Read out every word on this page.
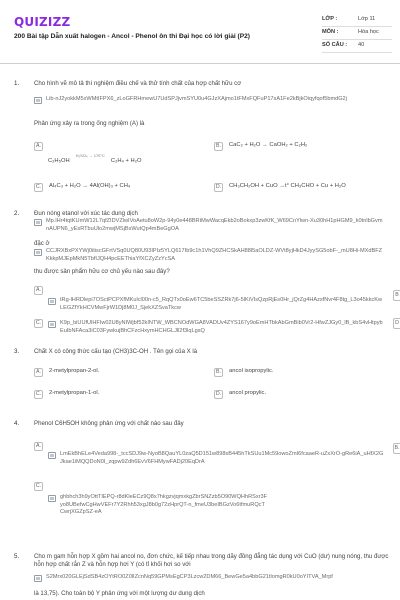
QUIZIZZ
200 Bài tập Dẫn xuất halogen - Ancol - Phenol ôn thi Đại học có lời giải (P2)
LỚP :	Lớp 11
MÔN :	Hóa học
SỐ CÂU :	40
1. Cho hình vẽ mô tả thí nghiệm điều chế và thử tính chất của hợp chất hữu cơ
Lib-nJ2yokkM5xWMtIFPX6_zLoGFRHmewU7UdSPJjvmSYU0u4GJzXAjmo1tFMxFQFuP17sA1Fe2kBjkOiqyfqof5bmdG2j
Phản ứng xảy ra trong ống nghiệm (A) là
A.
C₂H₅OH
H₂SO₄ → 170°C
C₂H₄ + H₂O
B.	CaC₂ + H₂O → CaOH₂ + C₂H₂
C.	Al₄C₃ + H₂O → 4Al(OH)₃ + CH₄	D.	CH₃CH₂OH + CuO →t° CH₃CHO + Cu + H₂O
2. Đun nóng etanol với xúc tác dung dịch
Mp.lHr4tqtKUmW12L7qfZIDVZlwIVoAetu8oW2p-94y0e448BRtMwWacqEkb2oBokxp3zwKfK_W69CnYlwn-Xu30hH1pHGM9_k0tnlbGvmnAUPN6_yEsRTbuUlo2mwjMSjBsWutQp4mBeGgOA
đặc ở
CCJRXBxPXYWj0itiscGFrtVSq0UQ80U93IPIz5YLQ617Ib9c1h1VhQ9ZHCSkAH88l5aOLDZ-WVt8yjHkD4JyySG5obF-_mU8Hi-MXdBFZKkkpMJEpMkN5TbfIJQH4pcEEThiaYfXCZyZzYcSA
thu được sản phẩm hữu cơ chủ yếu nào sau đây?
A.
tRg-lHRDlepi7OSctPCPXfMKulcl00n-c5_RqQTx0oEw6TC5beSSZRk7j6-5lKiVIsQzpRjEs0Hr_jQrZg4HAzsfNvr4F8tg_L3o45kkcKwLEGZfYkHCVMwFjrW1Dj8M0J_SjekXZSvaTkcw
C.	K9p_biUUfUlHFIw02U8yNIWjbf52kINTW_WBCNOdWGA8VADUv4ZYS167y9oEmHTbkAbGmBib0Vr2-HfwZJGy0_lB_kbS4vHtpyb EuIbNFAca3iC03FywkujBhCFzcHxymHCHGLJll2f3lqLgsQ
B
D
3. Chất X có công thức cấu tạo (CH3)3C-OH . Tên gọi của X là
A.	2-metylpropan-2-ol.	B.	ancol isopropylic.
C.	2-metylpropan-1-ol.	D.	ancol propylic.
4. Phenol C6H5OH không phản ứng với chất nào sau đây
A.
LmEkBhELe4Veda998-_tccSDJ9w-NyoB8QauYL0zaQ5D151w898sB445hTkSUu1Mc59owoZmI6fcaaeR-uZxXrO-gRe6iA_uHfX2GJkae1iMQQDoN0I_zqpw9Zdh6EvV6FHMywFADj20EqDrA
C.
ghbhch3h9yOttTIEPQ-r8dKleECz9Q8x7hkgzvjqmxkgZbrSNZzb5O90WQHhRSxr3Fyo8UBefwCgHwVEFr7Y2Rhh53xgJ8b0g72zHprQT-n_fmeU3beIBGzVo6tfmuRQcTCwrjXGZpSZ-eA
B.
5. Cho m gam hỗn hợp X gồm hai ancol no, đơn chức, kế tiếp nhau trong dãy đồng đẳng tác dụng với CuO (dư) nung nóng, thu được hỗn hợp chất rắn Z và hỗn hợp hơi Y (có tỉ khối hơi so với
S2Mrx020GLEjSdSB4zOYtRO0Z0lIZcnNq59GPMsEgCP3Lzcw2DM66_BewGe5a4bbG21tlomgR0kU0oYITVA_Mrpf
là 13,75). Cho toàn bộ Y phản ứng với một lượng dư dung dịch
